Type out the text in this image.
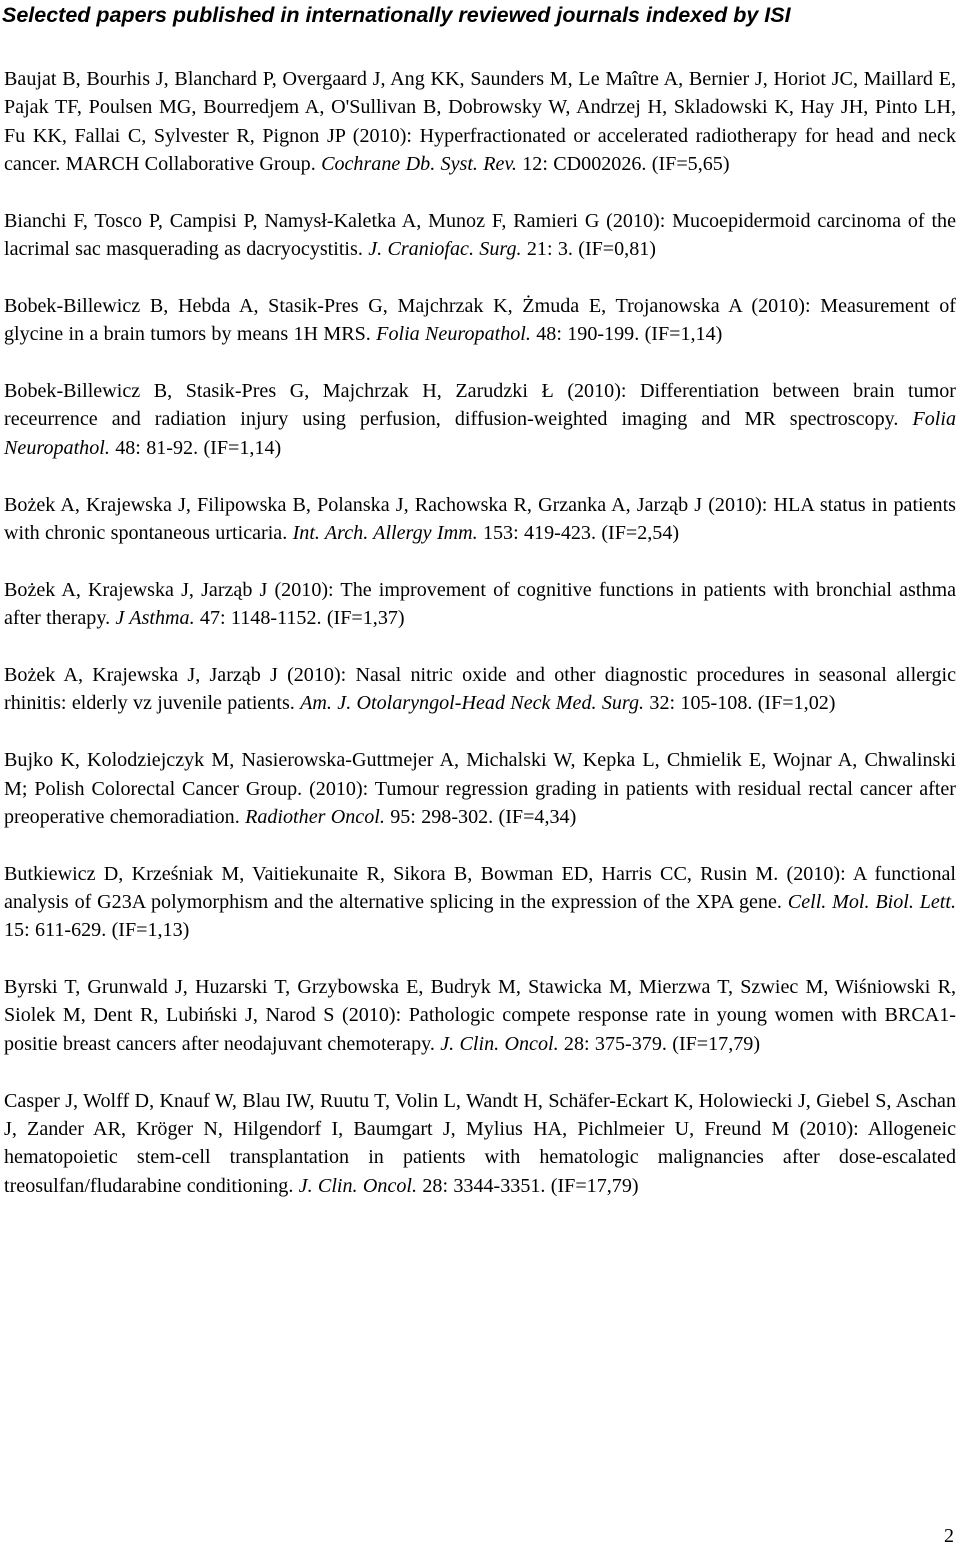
Selected papers published in internationally reviewed journals indexed by ISI
Baujat B, Bourhis J, Blanchard P, Overgaard J, Ang KK, Saunders M, Le Maître A, Bernier J, Horiot JC, Maillard E, Pajak TF, Poulsen MG, Bourredjem A, O'Sullivan B, Dobrowsky W, Andrzej H, Skladowski K, Hay JH, Pinto LH, Fu KK, Fallai C, Sylvester R, Pignon JP (2010): Hyperfractionated or accelerated radiotherapy for head and neck cancer. MARCH Collaborative Group. Cochrane Db. Syst. Rev. 12: CD002026. (IF=5,65)
Bianchi F, Tosco P, Campisi P, Namysł-Kaletka A, Munoz F, Ramieri G (2010): Mucoepidermoid carcinoma of the lacrimal sac masquerading as dacryocystitis. J. Craniofac. Surg. 21: 3. (IF=0,81)
Bobek-Billewicz B, Hebda A, Stasik-Pres G, Majchrzak K, Żmuda E, Trojanowska A (2010): Measurement of glycine in a brain tumors by means 1H MRS. Folia Neuropathol. 48: 190-199. (IF=1,14)
Bobek-Billewicz B, Stasik-Pres G, Majchrzak H, Zarudzki Ł (2010): Differentiation between brain tumor receurrence and radiation injury using perfusion, diffusion-weighted imaging and MR spectroscopy. Folia Neuropathol. 48: 81-92. (IF=1,14)
Bożek A, Krajewska J, Filipowska B, Polanska J, Rachowska R, Grzanka A, Jarząb J (2010): HLA status in patients with chronic spontaneous urticaria. Int. Arch. Allergy Imm. 153: 419-423. (IF=2,54)
Bożek A, Krajewska J, Jarząb J (2010): The improvement of cognitive functions in patients with bronchial asthma after therapy. J Asthma. 47: 1148-1152. (IF=1,37)
Bożek A, Krajewska J, Jarząb J (2010): Nasal nitric oxide and other diagnostic procedures in seasonal allergic rhinitis: elderly vz juvenile patients. Am. J. Otolaryngol-Head Neck Med. Surg. 32: 105-108. (IF=1,02)
Bujko K, Kolodziejczyk M, Nasierowska-Guttmejer A, Michalski W, Kepka L, Chmielik E, Wojnar A, Chwalinski M; Polish Colorectal Cancer Group. (2010): Tumour regression grading in patients with residual rectal cancer after preoperative chemoradiation. Radiother Oncol. 95: 298-302. (IF=4,34)
Butkiewicz D, Krześniak M, Vaitiekunaite R, Sikora B, Bowman ED, Harris CC, Rusin M. (2010): A functional analysis of G23A polymorphism and the alternative splicing in the expression of the XPA gene. Cell. Mol. Biol. Lett. 15: 611-629. (IF=1,13)
Byrski T, Grunwald J, Huzarski T, Grzybowska E, Budryk M, Stawicka M, Mierzwa T, Szwiec M, Wiśniowski R, Siolek M, Dent R, Lubiński J, Narod S (2010): Pathologic compete response rate in young women with BRCA1-positie breast cancers after neodajuvant chemoterapy. J. Clin. Oncol. 28: 375-379. (IF=17,79)
Casper J, Wolff D, Knauf W, Blau IW, Ruutu T, Volin L, Wandt H, Schäfer-Eckart K, Holowiecki J, Giebel S, Aschan J, Zander AR, Kröger N, Hilgendorf I, Baumgart J, Mylius HA, Pichlmeier U, Freund M (2010): Allogeneic hematopoietic stem-cell transplantation in patients with hematologic malignancies after dose-escalated treosulfan/fludarabine conditioning. J. Clin. Oncol. 28: 3344-3351. (IF=17,79)
2
